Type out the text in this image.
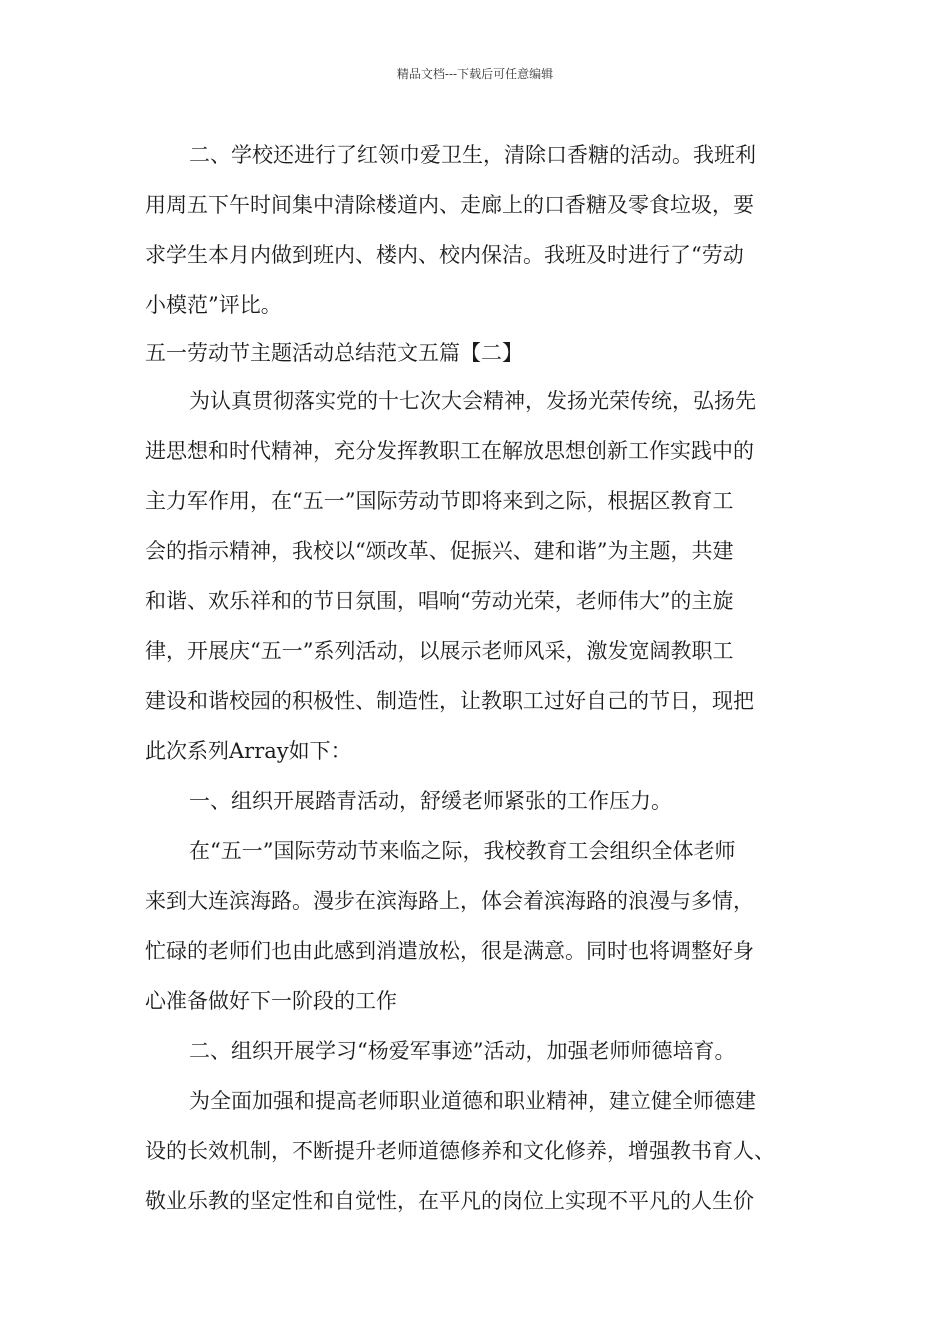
精品文档---下载后可任意编辑
二、学校还进行了红领巾爱卫生，清除口香糖的活动。我班利
用周五下午时间集中清除楼道内、走廊上的口香糖及零食垃圾，要
求学生本月内做到班内、楼内、校内保洁。我班及时进行了“劳动
小模范”评比。
五一劳动节主题活动总结范文五篇【二】
为认真贯彻落实党的十七次大会精神，发扬光荣传统，弘扬先
进思想和时代精神，充分发挥教职工在解放思想创新工作实践中的
主力军作用，在“五一”国际劳动节即将来到之际，根据区教育工
会的指示精神，我校以“颂改革、促振兴、建和谐”为主题，共建
和谐、欢乐祥和的节日氛围，唱响“劳动光荣，老师伟大”的主旋
律，开展庆“五一”系列活动，以展示老师风采，激发宽阔教职工
建设和谐校园的积极性、制造性，让教职工过好自己的节日，现把
此次系列Array如下：
一、组织开展踏青活动，舒缓老师紧张的工作压力。
在“五一”国际劳动节来临之际，我校教育工会组织全体老师
来到大连滨海路。漫步在滨海路上，体会着滨海路的浪漫与多情，
忙碌的老师们也由此感到消遣放松，很是满意。同时也将调整好身
心准备做好下一阶段的工作
二、组织开展学习“杨爱军事迹”活动，加强老师师德培育。
为全面加强和提高老师职业道德和职业精神，建立健全师德建
设的长效机制，不断提升老师道德修养和文化修养，增强教书育人、
敬业乐教的坚定性和自觉性，在平凡的岗位上实现不平凡的人生价
